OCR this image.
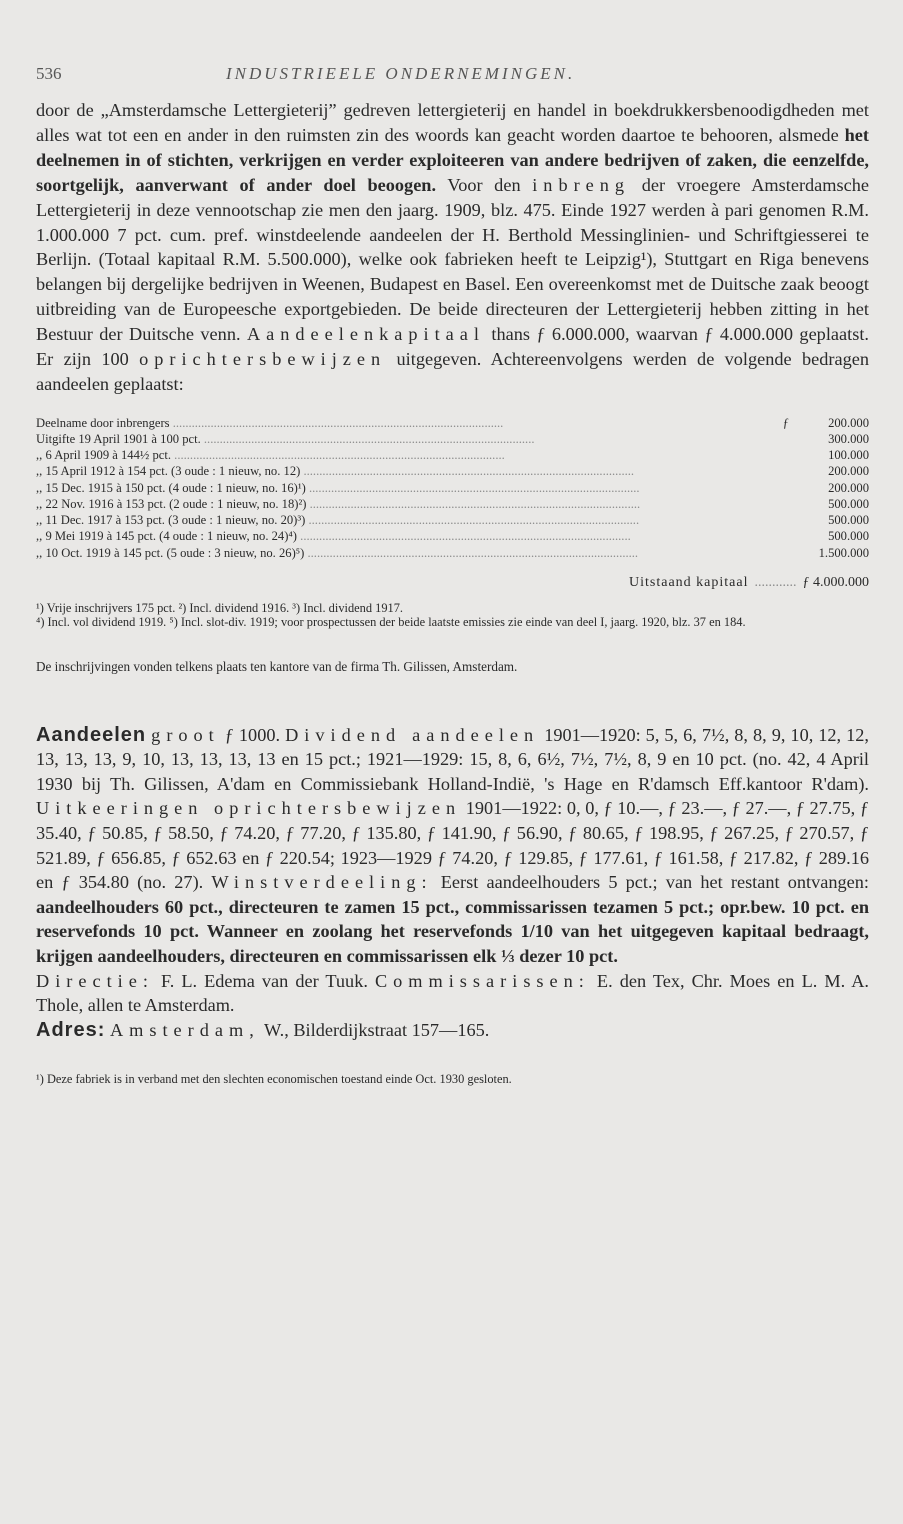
536	INDUSTRIEELE ONDERNEMINGEN.

door de „Amsterdamsche Lettergieterij” gedreven lettergieterij en handel in boekdrukkersbenoodigdheden met alles wat tot een en ander in den ruimsten zin des woords kan geacht worden daartoe te behooren, alsmede het deelnemen in of stichten, verkrijgen en verder exploiteeren van andere bedrijven of zaken, die eenzelfde, soortgelijk, aanverwant of ander doel beoogen. Voor den inbreng der vroegere Amsterdamsche Lettergieterij in deze vennootschap zie men den jaarg. 1909, blz. 475. Einde 1927 werden à pari genomen R.M. 1.000.000 7 pct. cum. pref. winstdeelende aandeelen der H. Berthold Messinglinien- und Schriftgiesserei te Berlijn. (Totaal kapitaal R.M. 5.500.000), welke ook fabrieken heeft te Leipzig¹), Stuttgart en Riga benevens belangen bij dergelijke bedrijven in Weenen, Budapest en Basel. Een overeenkomst met de Duitsche zaak beoogt uitbreiding van de Europeesche exportgebieden. De beide directeuren der Lettergieterij hebben zitting in het Bestuur der Duitsche venn. Aandeelenkapitaal thans ƒ 6.000.000, waarvan ƒ 4.000.000 geplaatst. Er zijn 100 oprichtersbewijzen uitgegeven. Achtereenvolgens werden de volgende bedragen aandeelen geplaatst:

Deelname door inbrengers .....	ƒ	200.000
Uitgifte 19 April 1901 à 100 pct. .....		300.000
,, 6 April 1909 à 144½ pct. .....		100.000
,, 15 April 1912 à 154 pct. (3 oude : 1 nieuw, no. 12) .....		200.000
,, 15 Dec. 1915 à 150 pct. (4 oude : 1 nieuw, no. 16)¹) .....		200.000
,, 22 Nov. 1916 à 153 pct. (2 oude : 1 nieuw, no. 18)²) .....		500.000
,, 11 Dec. 1917 à 153 pct. (3 oude : 1 nieuw, no. 20)³) .....		500.000
,, 9 Mei 1919 à 145 pct. (4 oude : 1 nieuw, no. 24)⁴) .....		500.000
,, 10 Oct. 1919 à 145 pct. (5 oude : 3 nieuw, no. 26)⁵) .....		1.500.000
Uitstaand kapitaal ............ ƒ 4.000.000

¹) Vrije inschrijvers 175 pct. ²) Incl. dividend 1916. ³) Incl. dividend 1917.

⁴) Incl. vol dividend 1919. ⁵) Incl. slot-div. 1919; voor prospectussen der beide laatste emissies zie einde van deel I, jaarg. 1920, blz. 37 en 184.

De inschrijvingen vonden telkens plaats ten kantore van de firma Th. Gilissen, Amsterdam.

Aandeelen groot ƒ 1000. Dividend aandeelen 1901—1920: 5, 5, 6, 7½, 8, 8, 9, 10, 12, 12, 13, 13, 13, 9, 10, 13, 13, 13, 13 en 15 pct.; 1921—1929: 15, 8, 6, 6½, 7½, 7½, 8, 9 en 10 pct. (no. 42, 4 April 1930 bij Th. Gilissen, A'dam en Commissiebank Holland-Indië, 's Hage en R'damsch Eff.kantoor R'dam). Uitkeeringen oprichtersbewijzen 1901—1922: 0, 0, ƒ 10.—, ƒ 23.—, ƒ 27.—, ƒ 27.75, ƒ 35.40, ƒ 50.85, ƒ 58.50, ƒ 74.20, ƒ 77.20, ƒ 135.80, ƒ 141.90, ƒ 56.90, ƒ 80.65, ƒ 198.95, ƒ 267.25, ƒ 270.57, ƒ 521.89, ƒ 656.85, ƒ 652.63 en ƒ 220.54; 1923—1929 ƒ 74.20, ƒ 129.85, ƒ 177.61, ƒ 161.58, ƒ 217.82, ƒ 289.16 en ƒ 354.80 (no. 27). Winstverdeeling: Eerst aandeelhouders 5 pct.; van het restant ontvangen: aandeelhouders 60 pct., directeuren te zamen 15 pct., commissarissen tezamen 5 pct.; opr.bew. 10 pct. en reservefonds 10 pct. Wanneer en zoolang het reservefonds 1/10 van het uitgegeven kapitaal bedraagt, krijgen aandeelhouders, directeuren en commissarissen elk ⅓ dezer 10 pct.

Directie: F. L. Edema van der Tuuk. Commissarissen: E. den Tex, Chr. Moes en L. M. A. Thole, allen te Amsterdam.

Adres: Amsterdam, W., Bilderdijkstraat 157—165.

¹) Deze fabriek is in verband met den slechten economischen toestand einde Oct. 1930 gesloten.
